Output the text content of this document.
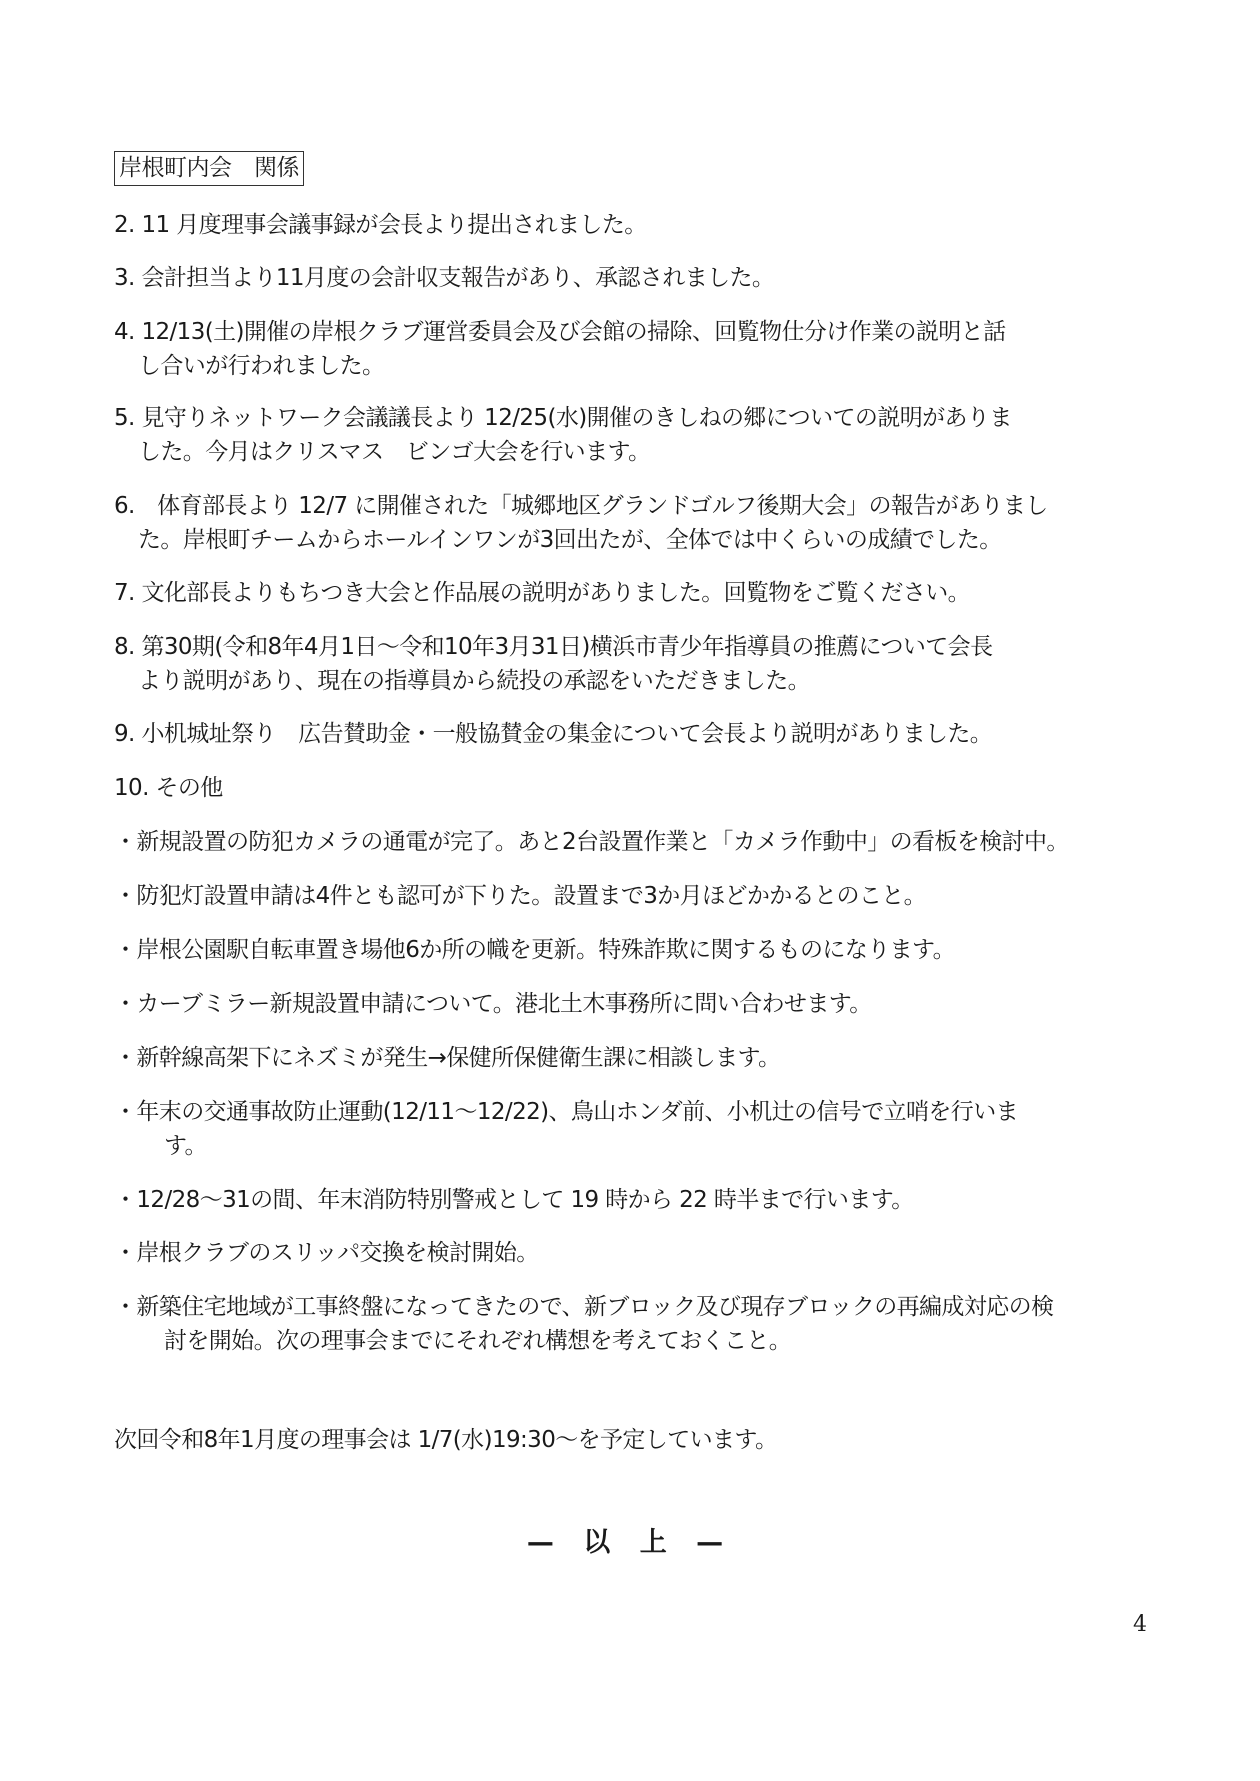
岸根町内会　関係
2. 11 月度理事会議事録が会長より提出されました。
3. 会計担当より11月度の会計収支報告があり、承認されました。
4. 12/13(土)開催の岸根クラブ運営委員会及び会館の掃除、回覧物仕分け作業の説明と話
し合いが行われました。
5. 見守りネットワーク会議議長より 12/25(水)開催のきしねの郷についての説明がありま
した。今月はクリスマス　ビンゴ大会を行います。
6.　体育部長より 12/7 に開催された「城郷地区グランドゴルフ後期大会」の報告がありまし
た。岸根町チームからホールインワンが3回出たが、全体では中くらいの成績でした。
7. 文化部長よりもちつき大会と作品展の説明がありました。回覧物をご覧ください。
8. 第30期(令和8年4月1日～令和10年3月31日)横浜市青少年指導員の推薦について会長
より説明があり、現在の指導員から続投の承認をいただきました。
9. 小机城址祭り　広告賛助金・一般協賛金の集金について会長より説明がありました。
10. その他
・新規設置の防犯カメラの通電が完了。あと2台設置作業と「カメラ作動中」の看板を検討中。
・防犯灯設置申請は4件とも認可が下りた。設置まで3か月ほどかかるとのこと。
・岸根公園駅自転車置き場他6か所の幟を更新。特殊詐欺に関するものになります。
・カーブミラー新規設置申請について。港北土木事務所に問い合わせます。
・新幹線高架下にネズミが発生→保健所保健衛生課に相談します。
・年末の交通事故防止運動(12/11～12/22)、鳥山ホンダ前、小机辻の信号で立哨を行いま
す。
・12/28～31の間、年末消防特別警戒として 19 時から 22 時半まで行います。
・岸根クラブのスリッパ交換を検討開始。
・新築住宅地域が工事終盤になってきたので、新ブロック及び現存ブロックの再編成対応の検
討を開始。次の理事会までにそれぞれ構想を考えておくこと。
次回令和8年1月度の理事会は 1/7(水)19:30～を予定しています。
— 以 上 —
4
